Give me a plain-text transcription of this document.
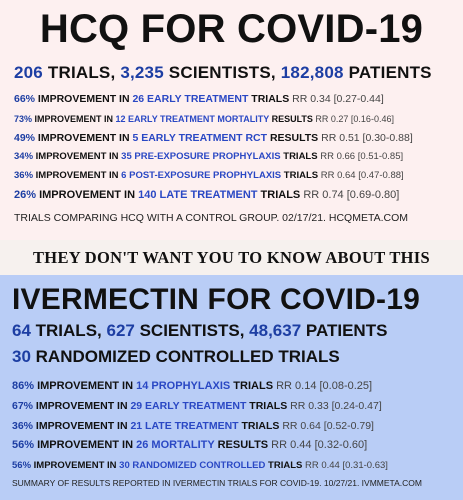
HCQ FOR COVID-19
206 TRIALS, 3,235 SCIENTISTS, 182,808 PATIENTS
66% IMPROVEMENT IN 26 EARLY TREATMENT TRIALS RR 0.34 [0.27-0.44]
73% IMPROVEMENT IN 12 EARLY TREATMENT MORTALITY RESULTS RR 0.27 [0.16-0.46]
49% IMPROVEMENT IN 5 EARLY TREATMENT RCT RESULTS RR 0.51 [0.30-0.88]
34% IMPROVEMENT IN 35 PRE-EXPOSURE PROPHYLAXIS TRIALS RR 0.66 [0.51-0.85]
36% IMPROVEMENT IN 6 POST-EXPOSURE PROPHYLAXIS TRIALS RR 0.64 [0.47-0.88]
26% IMPROVEMENT IN 140 LATE TREATMENT TRIALS RR 0.74 [0.69-0.80]
TRIALS COMPARING HCQ WITH A CONTROL GROUP. 02/17/21. HCQMETA.COM
THEY DON'T WANT YOU TO KNOW ABOUT THIS
IVERMECTIN FOR COVID-19
64 TRIALS, 627 SCIENTISTS, 48,637 PATIENTS
30 RANDOMIZED CONTROLLED TRIALS
86% IMPROVEMENT IN 14 PROPHYLAXIS TRIALS RR 0.14 [0.08-0.25]
67% IMPROVEMENT IN 29 EARLY TREATMENT TRIALS RR 0.33 [0.24-0.47]
36% IMPROVEMENT IN 21 LATE TREATMENT TRIALS RR 0.64 [0.52-0.79]
56% IMPROVEMENT IN 26 MORTALITY RESULTS RR 0.44 [0.32-0.60]
56% IMPROVEMENT IN 30 RANDOMIZED CONTROLLED TRIALS RR 0.44 [0.31-0.63]
SUMMARY OF RESULTS REPORTED IN IVERMECTIN TRIALS FOR COVID-19. 10/27/21. IVMMETA.COM
